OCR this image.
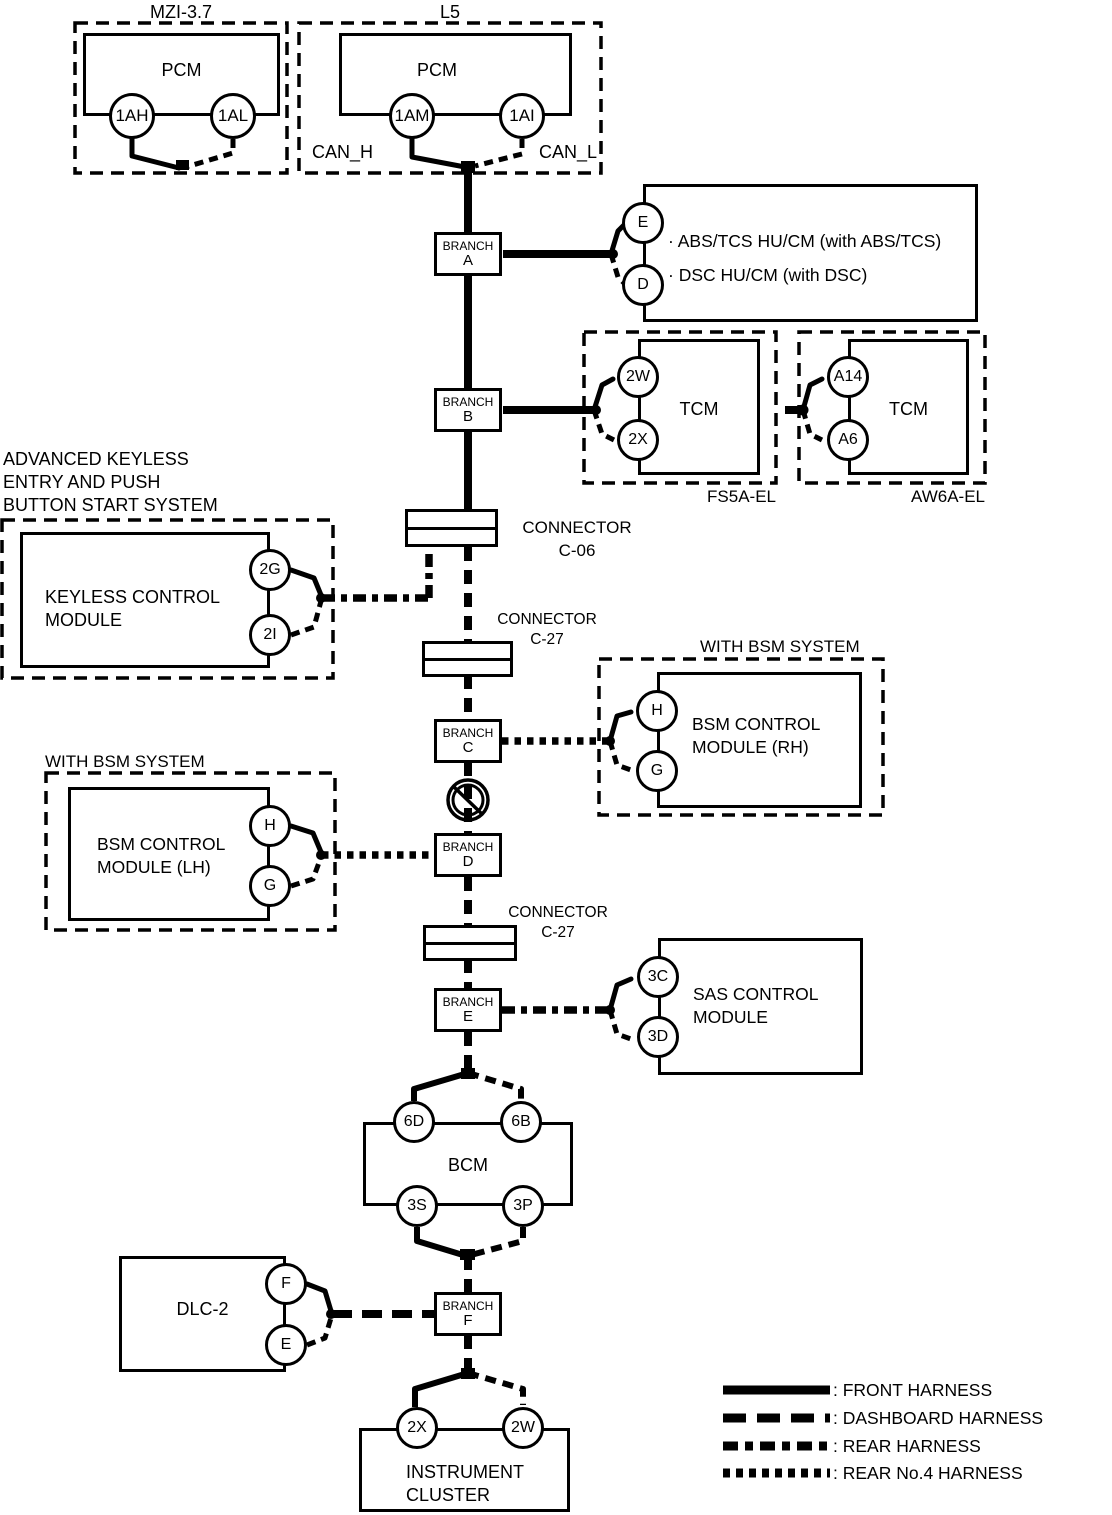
BRANCH
A
BRANCH
B
BRANCH
C
BRANCH
D
BRANCH
E
BRANCH
F
1AH	1AL	1AM	1AI
E
D
2W
2X
A14
A6
2G
2I
H
G
H
G
3C
3D
6D	6B
3S	3P
F
E
2X	2W
MZI-3.7	L5
PCM	PCM
CAN_H	CAN_L
· ABS/TCS HU/CM (with ABS/TCS)
· DSC HU/CM (with DSC)
TCM	TCM
FS5A-EL	AW6A-EL
CONNECTOR
C-06
CONNECTOR
C-27
CONNECTOR
C-27
ADVANCED KEYLESS
ENTRY AND PUSH
BUTTON START SYSTEM
KEYLESS CONTROL
MODULE
WITH BSM SYSTEM
BSM CONTROL
MODULE (RH)
WITH BSM SYSTEM
BSM CONTROL
MODULE (LH)
SAS CONTROL
MODULE
BCM
DLC-2
INSTRUMENT
CLUSTER
: FRONT HARNESS
: DASHBOARD HARNESS
: REAR HARNESS
: REAR No.4 HARNESS
